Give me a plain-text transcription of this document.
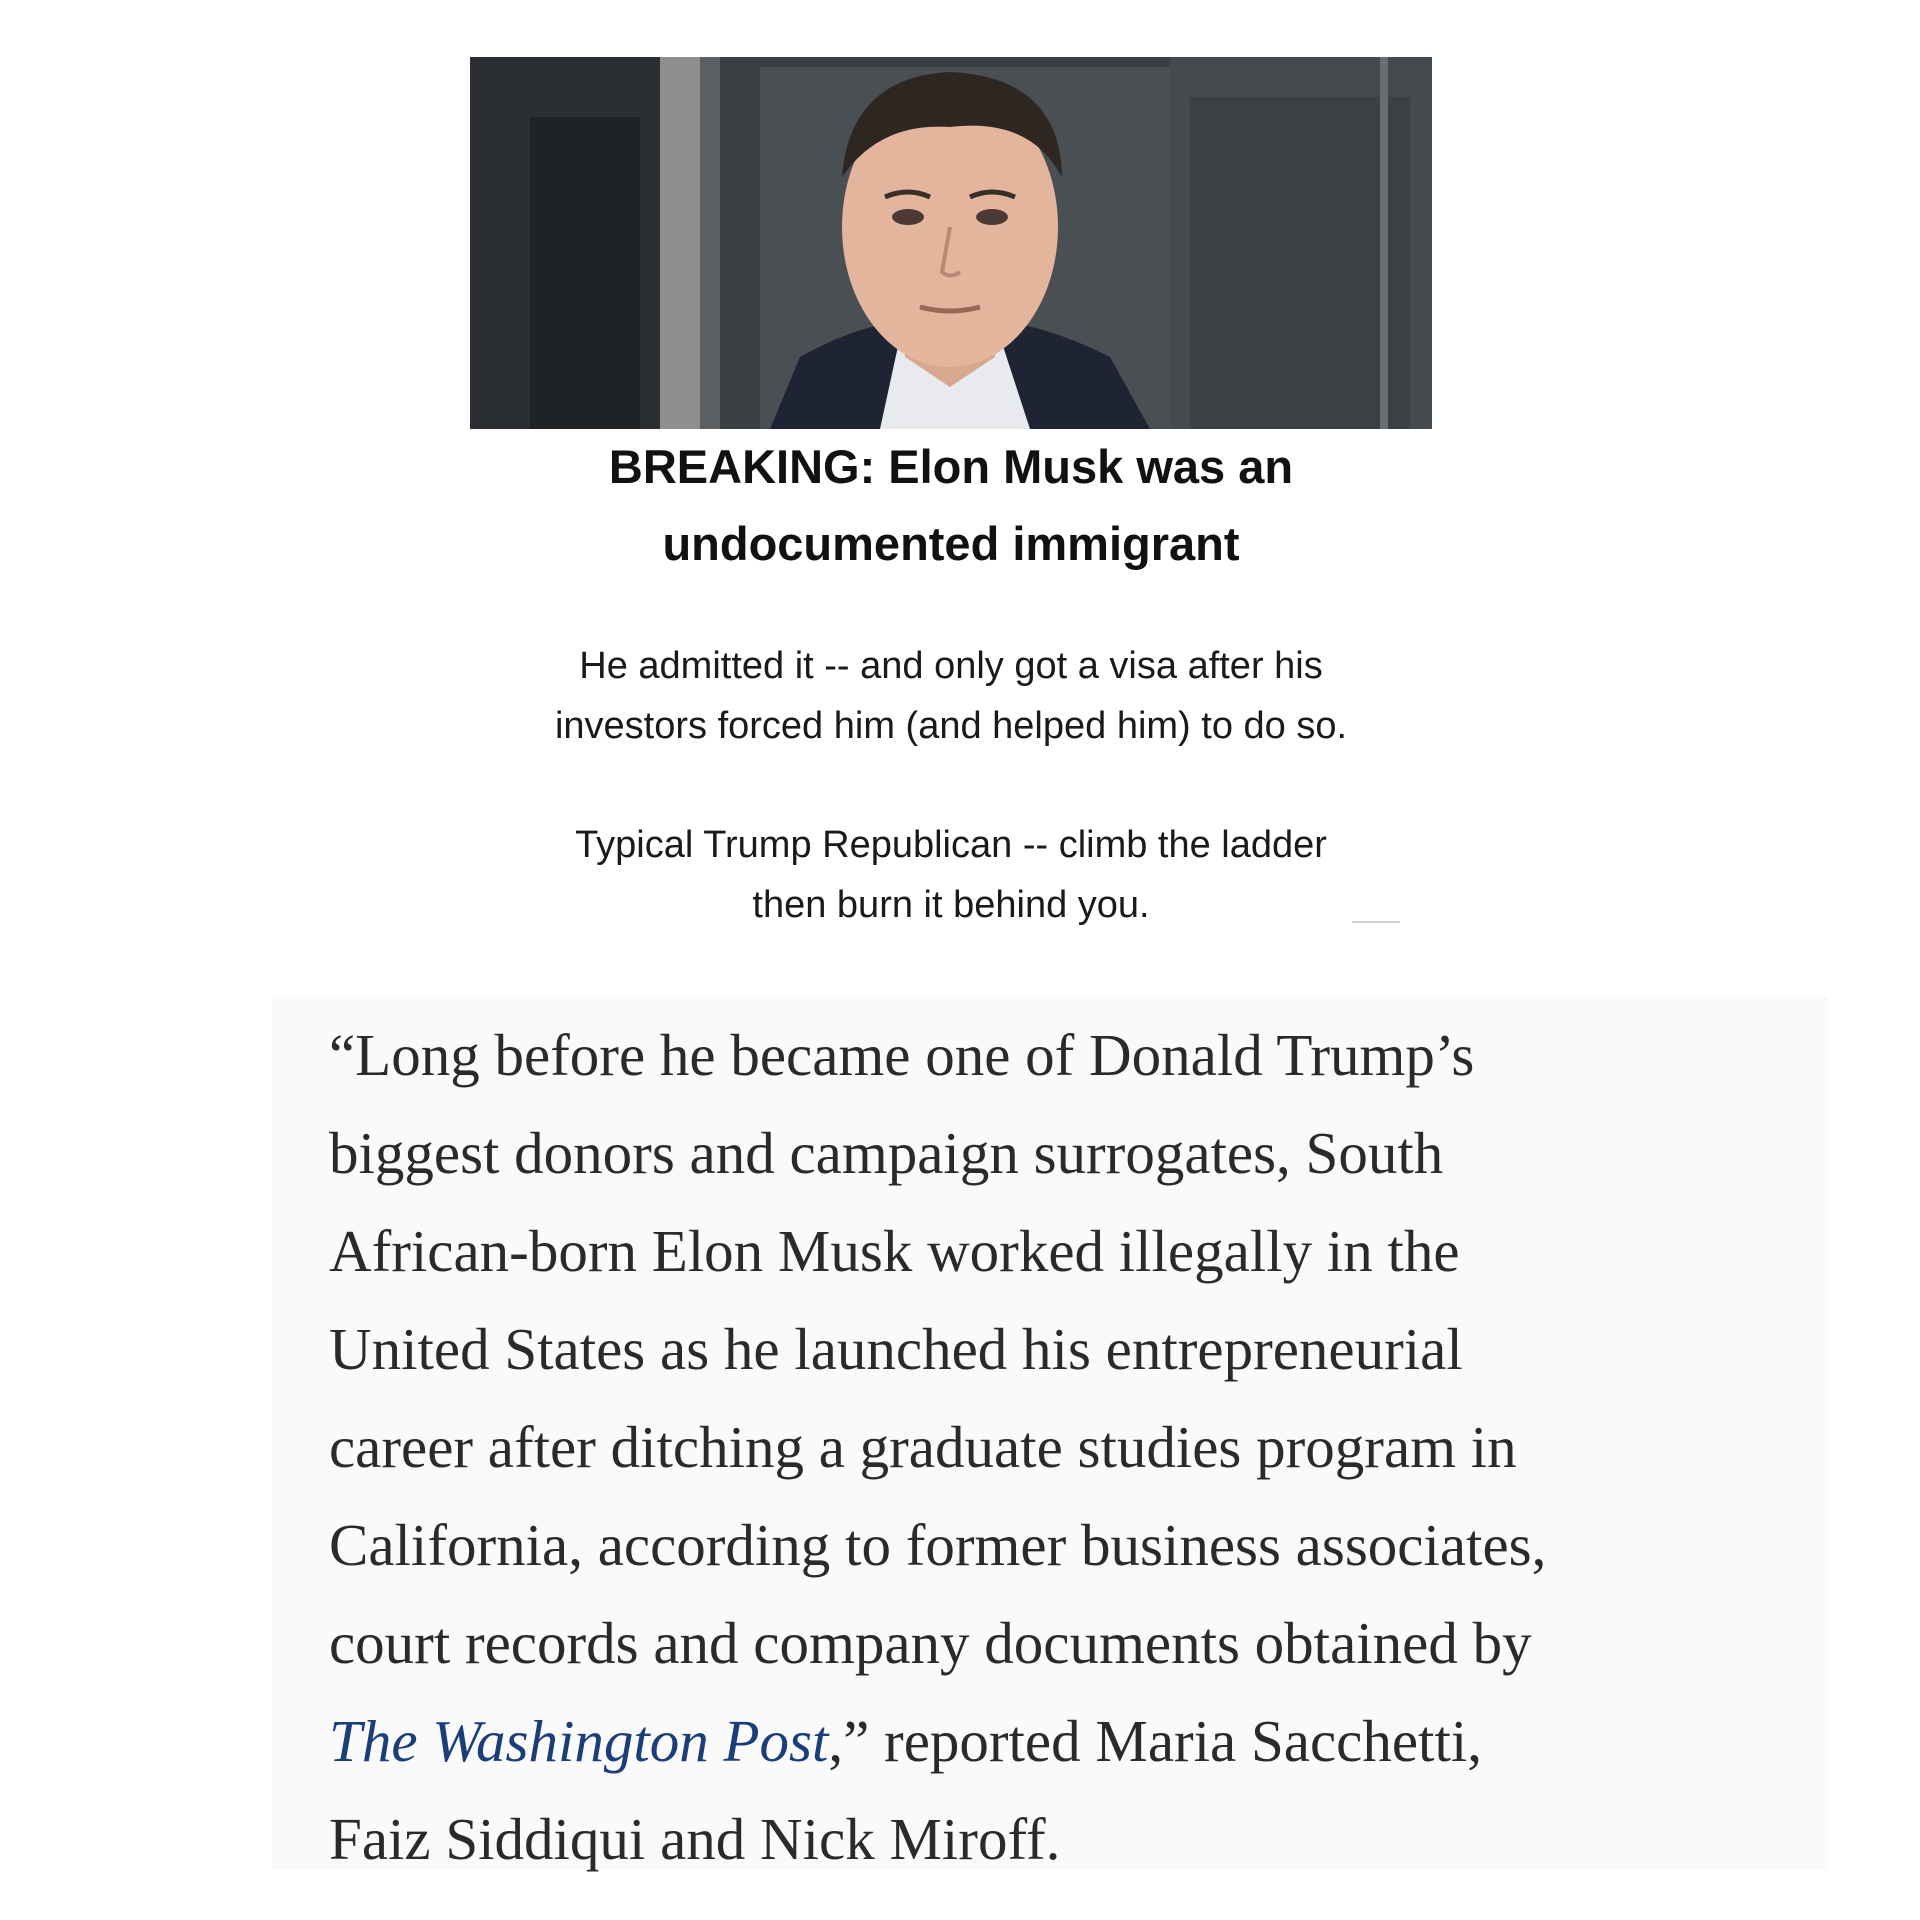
BREAKING: Elon Musk was an
undocumented immigrant

He admitted it -- and only got a visa after his
investors forced him (and helped him) to do so.

Typical Trump Republican -- climb the ladder
then burn it behind you.

“Long before he became one of Donald Trump’s
biggest donors and campaign surrogates, South
African-born Elon Musk worked illegally in the
United States as he launched his entrepreneurial
career after ditching a graduate studies program in
California, according to former business associates,
court records and company documents obtained by
The Washington Post,” reported Maria Sacchetti,
Faiz Siddiqui and Nick Miroff.
